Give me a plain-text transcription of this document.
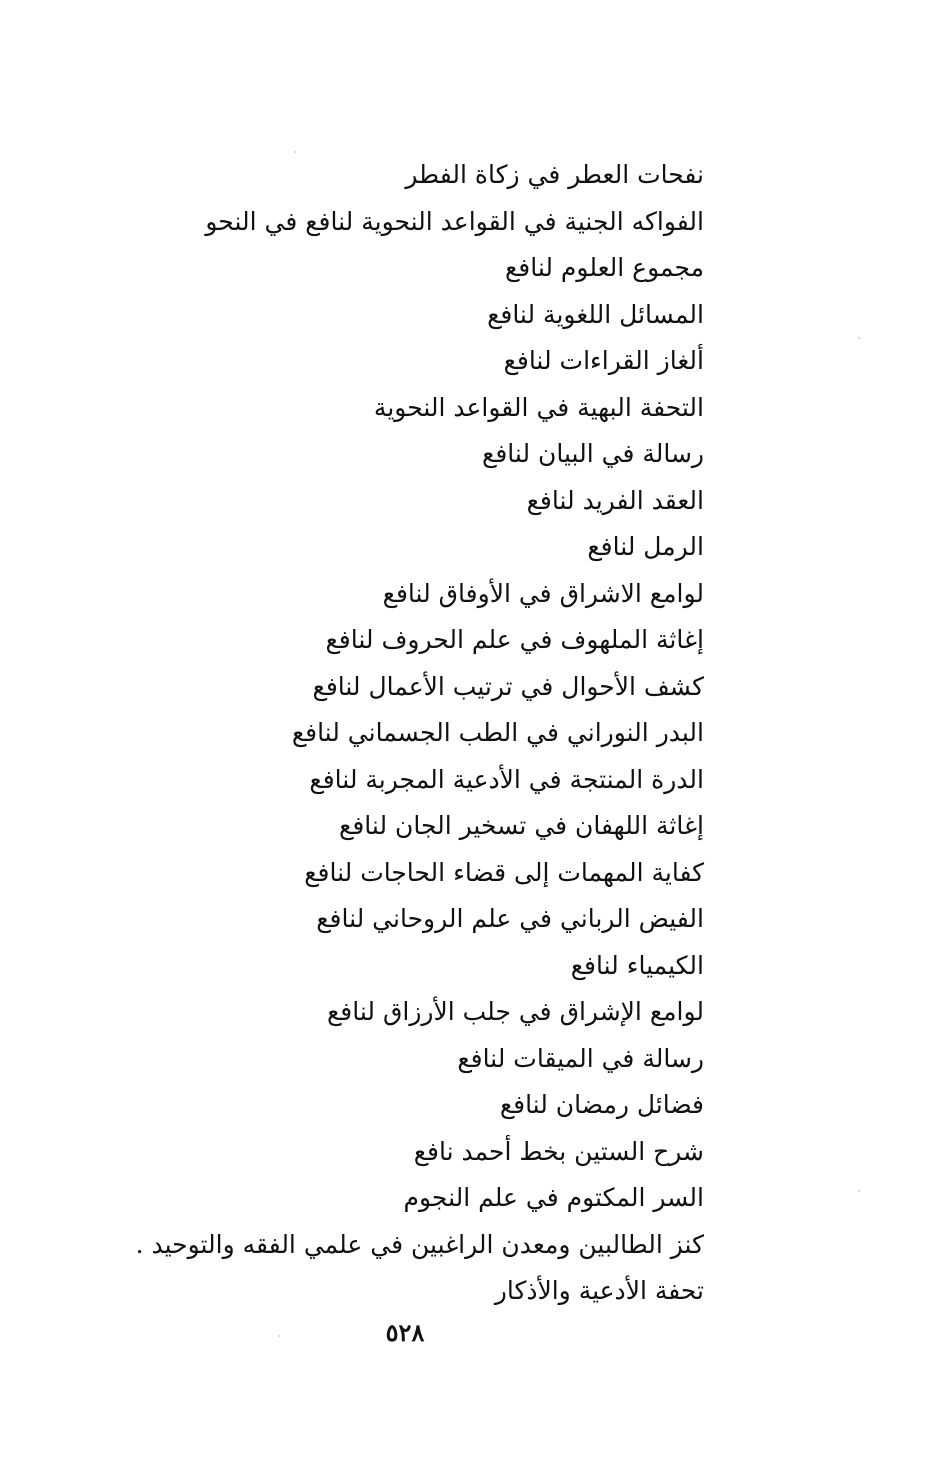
نفحات العطر في زكاة الفطر
الفواكه الجنية في القواعد النحوية لنافع في النحو
مجموع العلوم لنافع
المسائل اللغوية لنافع
ألغاز القراءات لنافع
التحفة البهية في القواعد النحوية
رسالة في البيان لنافع
العقد الفريد لنافع
الرمل لنافع
لوامع الاشراق في الأوفاق لنافع
إغاثة الملهوف في علم الحروف لنافع
كشف الأحوال في ترتيب الأعمال لنافع
البدر النوراني في الطب الجسماني لنافع
الدرة المنتجة في الأدعية المجربة لنافع
إغاثة اللهفان في تسخير الجان لنافع
كفاية المهمات إلى قضاء الحاجات لنافع
الفيض الرباني في علم الروحاني لنافع
الكيمياء لنافع
لوامع الإشراق في جلب الأرزاق لنافع
رسالة في الميقات لنافع
فضائل رمضان لنافع
شرح الستين بخط أحمد نافع
السر المكتوم في علم النجوم
كنز الطالبين ومعدن الراغبين في علمي الفقه والتوحيد .
تحفة الأدعية والأذكار
٥٢٨
